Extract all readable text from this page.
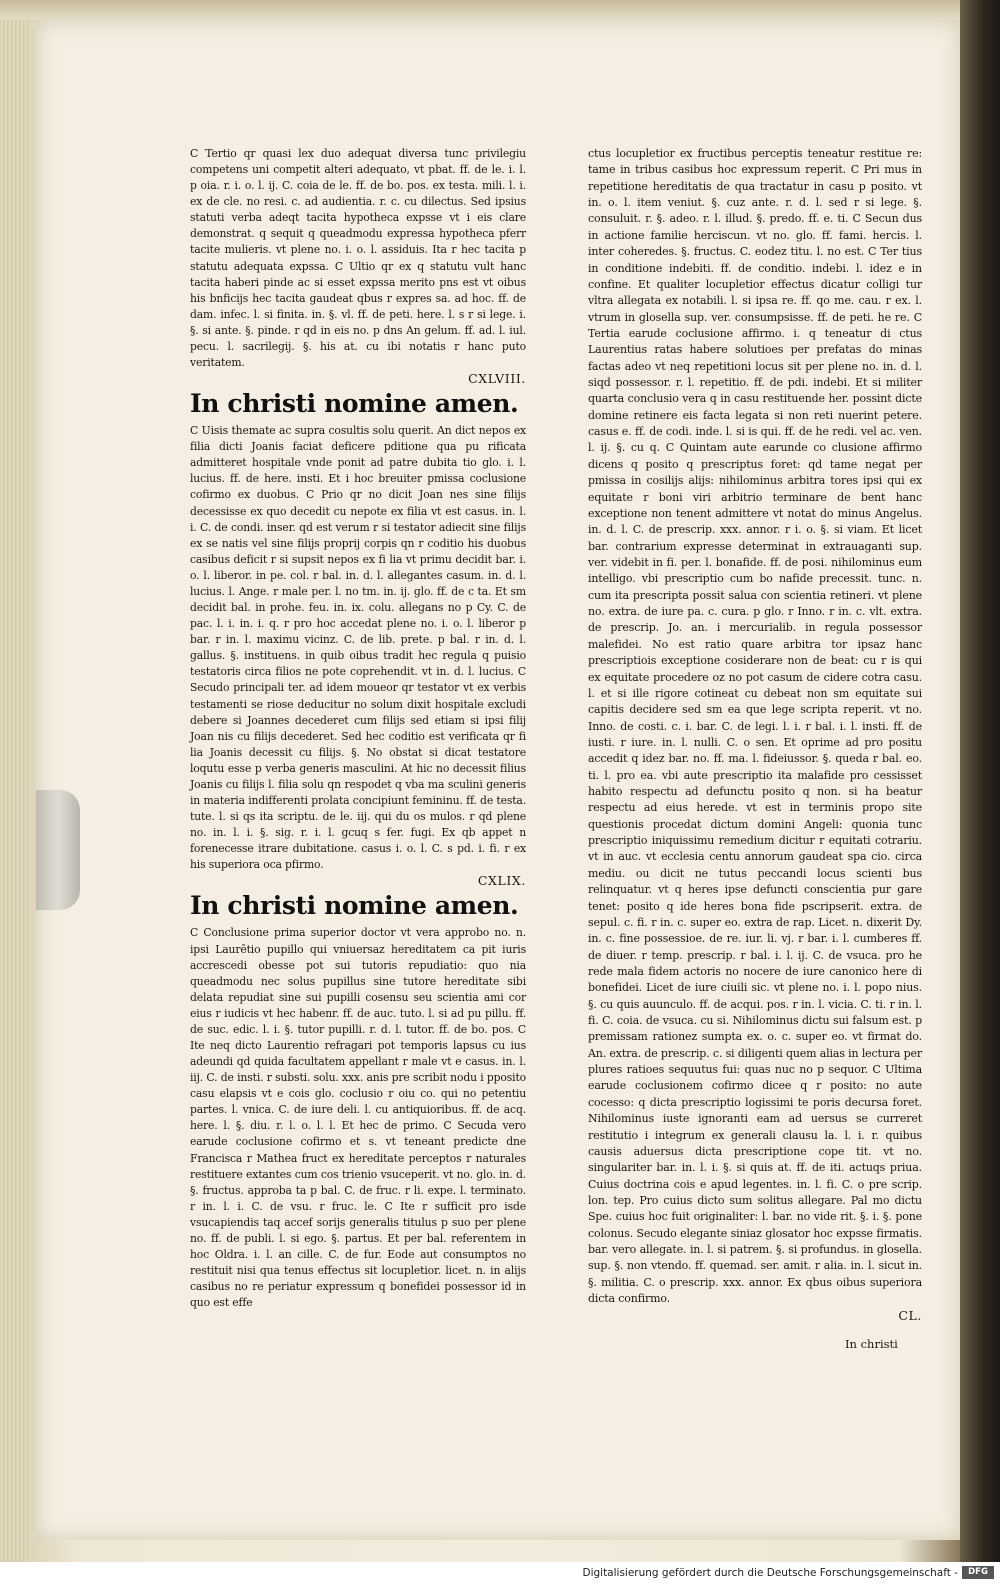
C Tertio qr quasi lex duo adequat diversa tunc privilegiu competens uni competit alteri adequato, vt pbat. ff. de le. i. l. p oia. r. i. o. l. ij. C. coia de le. ff. de bo. pos. ex testa. mili. l. i. ex de cle. no resi. c. ad audientia. r. c. cu dilectus. Sed ipsius statuti verba adeqt tacita hypotheca expsse vt i eis clare demonstrat. q sequit q queadmodu expressa hypotheca pferr tacite mulieris. vt plene no. i. o. l. assiduis. Ita r hec tacita p statutu adequata expssa. C Ultio qr ex q statutu vult hanc tacita haberi pinde ac si esset expssa merito pns est vt oibus his bnficijs hec tacita gaudeat qbus r expres sa. ad hoc. ff. de dam. infec. l. si finita. in. §. vl. ff. de peti. here. l. s r si lege. i. §. si ante. §. pinde. r qd in eis no. p dns An gelum. ff. ad. l. iul. pecu. l. sacrilegij. §. his at. cu ibi notatis r hanc puto veritatem.

CXLVIII.
In christi nomine amen.

C Uisis themate ac supra cosultis solu querit. An dict nepos ex filia dicti Joanis faciat deficere pditione qua pu rificata admitteret hospitale vnde ponit ad patre dubita tio glo. i. l. lucius. ff. de here. insti. Et i hoc breuiter pmissa coclusione cofirmo ex duobus. C Prio qr no dicit Joan nes sine filijs decessisse ex quo decedit cu nepote ex filia vt est casus. in. l. i. C. de condi. inser. qd est verum r si testator adiecit sine filijs ex se natis vel sine filijs proprij corpis qn r coditio his duobus casibus deficit r si supsit nepos ex fi lia vt primu decidit bar. i. o. l. liberor. in pe. col. r bal. in. d. l. allegantes casum. in. d. l. lucius. l. Ange. r male per. l. no tm. in. ij. glo. ff. de c ta. Et sm decidit bal. in prohe. feu. in. ix. colu. allegans no p Cy. C. de pac. l. i. in. i. q. r pro hoc accedat plene no. i. o. l. liberor p bar. r in. l. maximu vicinz. C. de lib. prete. p bal. r in. d. l. gallus. §. instituens. in quib oibus tradit hec regula q puisio testatoris circa filios ne pote coprehendit. vt in. d. l. lucius. C Secudo principali ter. ad idem moueor qr testator vt ex verbis testamenti se riose deducitur no solum dixit hospitale excludi debere si Joannes decederet cum filijs sed etiam si ipsi filij Joan nis cu filijs decederet. Sed hec coditio est verificata qr fi lia Joanis decessit cu filijs. §. No obstat si dicat testatore loqutu esse p verba generis masculini. At hic no decessit filius Joanis cu filijs l. filia solu qn respodet q vba ma sculini generis in materia indifferenti prolata concipiunt femininu. ff. de testa. tute. l. si qs ita scriptu. de le. iij. qui du os mulos. r qd plene no. in. l. i. §. sig. r. i. l. gcuq s fer. fugi. Ex qb appet n forenecesse itrare dubitatione. casus i. o. l. C. s pd. i. fi. r ex his superiora oca pfirmo.

CXLIX.
In christi nomine amen.

C Conclusione prima superior doctor vt vera approbo no. n. ipsi Laurētio pupillo qui vniuersaz hereditatem ca pit iuris accrescedi obesse pot sui tutoris repudiatio: quo nia queadmodu nec solus pupillus sine tutore hereditate sibi delata repudiat sine sui pupilli cosensu seu scientia ami cor eius r iudicis vt hec habenr. ff. de auc. tuto. l. si ad pu pillu. ff. de suc. edic. l. i. §. tutor pupilli. r. d. l. tutor. ff. de bo. pos. C Ite neq dicto Laurentio refragari pot temporis lapsus cu ius adeundi qd quida facultatem appellant r male vt e casus. in. l. iij. C. de insti. r substi. solu. xxx. anis pre scribit nodu i pposito casu elapsis vt e cois glo. coclusio r oiu co. qui no petentiu partes. l. vnica. C. de iure deli. l. cu antiquioribus. ff. de acq. here. l. §. diu. r. l. o. l. l. Et hec de primo. C Secuda vero earude coclusione cofirmo et s. vt teneant predicte dne Francisca r Mathea fruct ex hereditate perceptos r naturales restituere extantes cum cos trienio vsuceperit. vt no. glo. in. d. §. fructus. approba ta p bal. C. de fruc. r li. expe. l. terminato. r in. l. i. C. de vsu. r fruc. le. C Ite r sufficit pro isde vsucapiendis taq accef sorijs generalis titulus p suo per plene no. ff. de publi. l. si ego. §. partus. Et per bal. referentem in hoc Oldra. i. l. an cille. C. de fur. Eode aut consumptos no restituit nisi qua tenus effectus sit locupletior. licet. n. in alijs casibus no re periatur expressum q bonefidei possessor id in quo est effe

ctus locupletior ex fructibus perceptis teneatur restitue re: tame in tribus casibus hoc expressum reperit. C Pri mus in repetitione hereditatis de qua tractatur in casu p posito. vt in. o. l. item veniut. §. cuz ante. r. d. l. sed r si lege. §. consuluit. r. §. adeo. r. l. illud. §. predo. ff. e. ti. C Secun dus in actione familie herciscun. vt no. glo. ff. fami. hercis. l. inter coheredes. §. fructus. C. eodez titu. l. no est. C Ter tius in conditione indebiti. ff. de conditio. indebi. l. idez e in confine. Et qualiter locupletior effectus dicatur colligi tur vltra allegata ex notabili. l. si ipsa re. ff. qo me. cau. r ex. l. vtrum in glosella sup. ver. consumpsisse. ff. de peti. he re. C Tertia earude coclusione affirmo. i. q teneatur di ctus Laurentius ratas habere solutioes per prefatas do minas factas adeo vt neq repetitioni locus sit per plene no. in. d. l. siqd possessor. r. l. repetitio. ff. de pdi. indebi. Et si militer quarta conclusio vera q in casu restituende her. possint dicte domine retinere eis facta legata si non reti nuerint petere. casus e. ff. de codi. inde. l. si is qui. ff. de he redi. vel ac. ven. l. ij. §. cu q. C Quintam aute earunde co clusione affirmo dicens q posito q prescriptus foret: qd tame negat per pmissa in cosilijs alijs: nihilominus arbitra tores ipsi qui ex equitate r boni viri arbitrio terminare de bent hanc exceptione non tenent admittere vt notat do minus Angelus. in. d. l. C. de prescrip. xxx. annor. r i. o. §. si viam. Et licet bar. contrarium expresse determinat in extrauaganti sup. ver. videbit in fi. per. l. bonafide. ff. de posi. nihilominus eum intelligo. vbi prescriptio cum bo nafide precessit. tunc. n. cum ita prescripta possit salua con scientia retineri. vt plene no. extra. de iure pa. c. cura. p glo. r Inno. r in. c. vlt. extra. de prescrip. Jo. an. i mercurialib. in regula possessor malefidei. No est ratio quare arbitra tor ipsaz hanc prescriptiois exceptione cosiderare non de beat: cu r is qui ex equitate procedere oz no pot casum de cidere cotra casu. l. et si ille rigore cotineat cu debeat non sm equitate sui capitis decidere sed sm ea que lege scripta reperit. vt no. Inno. de costi. c. i. bar. C. de legi. l. i. r bal. i. l. insti. ff. de iusti. r iure. in. l. nulli. C. o sen. Et oprime ad pro positu accedit q idez bar. no. ff. ma. l. fideiussor. §. queda r bal. eo. ti. l. pro ea. vbi aute prescriptio ita malafide pro cessisset habito respectu ad defunctu posito q non. si ha beatur respectu ad eius herede. vt est in terminis propo site questionis procedat dictum domini Angeli: quonia tunc prescriptio iniquissimu remedium dicitur r equitati cotrariu. vt in auc. vt ecclesia centu annorum gaudeat spa cio. circa mediu. ou dicit ne tutus peccandi locus scienti bus relinquatur. vt q heres ipse defuncti conscientia pur gare tenet: posito q ide heres bona fide pscripserit. extra. de sepul. c. fi. r in. c. super eo. extra de rap. Licet. n. dixerit Dy. in. c. fine possessioe. de re. iur. li. vj. r bar. i. l. cumberes ff. de diuer. r temp. prescrip. r bal. i. l. ij. C. de vsuca. pro he rede mala fidem actoris no nocere de iure canonico here di bonefidei. Licet de iure ciuili sic. vt plene no. i. l. popo nius. §. cu quis auunculo. ff. de acqui. pos. r in. l. vicia. C. ti. r in. l. fi. C. coia. de vsuca. cu si. Nihilominus dictu sui falsum est. p premissam rationez sumpta ex. o. c. super eo. vt firmat do. An. extra. de prescrip. c. si diligenti quem alias in lectura per plures ratioes sequutus fui: quas nuc no p sequor. C Ultima earude coclusionem cofirmo dicee q r posito: no aute cocesso: q dicta prescriptio logissimi te poris decursa foret. Nihilominus iuste ignoranti eam ad uersus se curreret restitutio i integrum ex generali clausu la. l. i. r. quibus causis aduersus dicta prescriptione cope tit. vt no. singulariter bar. in. l. i. §. si quis at. ff. de iti. actuqs priua. Cuius doctrina cois e apud legentes. in. l. fi. C. o pre scrip. lon. tep. Pro cuius dicto sum solitus allegare. Pal mo dictu Spe. cuius hoc fuit originaliter: l. bar. no vide rit. §. i. §. pone colonus. Secudo elegante siniaz glosator hoc expsse firmatis. bar. vero allegate. in. l. si patrem. §. si profundus. in glosella. sup. §. non vtendo. ff. quemad. ser. amit. r alia. in. l. sicut in. §. militia. C. o prescrip. xxx. annor. Ex qbus oibus superiora dicta confirmo.

CL.
In christi
Digitalisierung gefördert durch die Deutsche Forschungsgemeinschaft -	DFG
